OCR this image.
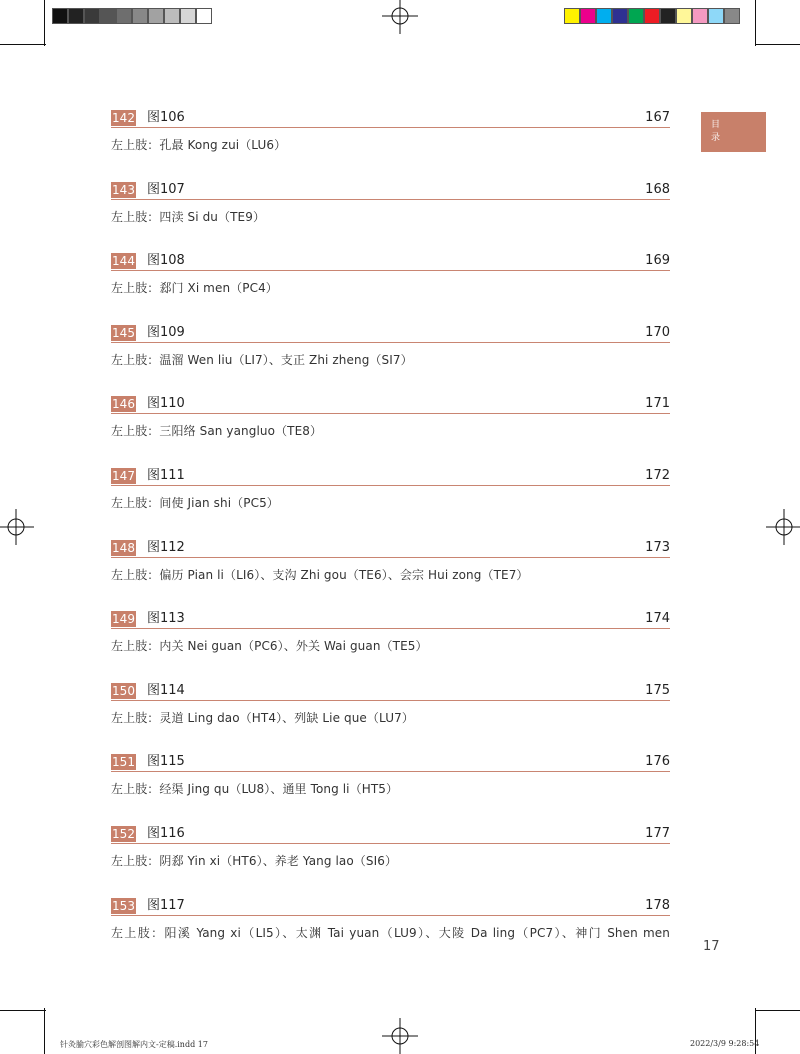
目
录
142 图106	167
左上肢：孔最 Kong zui（LU6）
143 图107	168
左上肢：四渎 Si du（TE9）
144 图108	169
左上肢：郄门 Xi men（PC4）
145 图109	170
左上肢：温溜 Wen liu（LI7）、支正 Zhi zheng（SI7）
146 图110	171
左上肢：三阳络 San yangluo（TE8）
147 图111	172
左上肢：间使 Jian shi（PC5）
148 图112	173
左上肢：偏历 Pian li（LI6）、支沟 Zhi gou（TE6）、会宗 Hui zong（TE7）
149 图113	174
左上肢：内关 Nei guan（PC6）、外关 Wai guan（TE5）
150 图114	175
左上肢：灵道 Ling dao（HT4）、列缺 Lie que（LU7）
151 图115	176
左上肢：经渠 Jing qu（LU8）、通里 Tong li（HT5）
152 图116	177
左上肢：阴郄 Yin xi（HT6）、养老 Yang lao（SI6）
153 图117	178
左上肢：阳溪 Yang xi（LI5）、太渊 Tai yuan（LU9）、大陵 Da ling（PC7）、神门 Shen men
17
针灸腧穴彩色解剖图解内文-定稿.indd 17	2022/3/9 9:28:54
